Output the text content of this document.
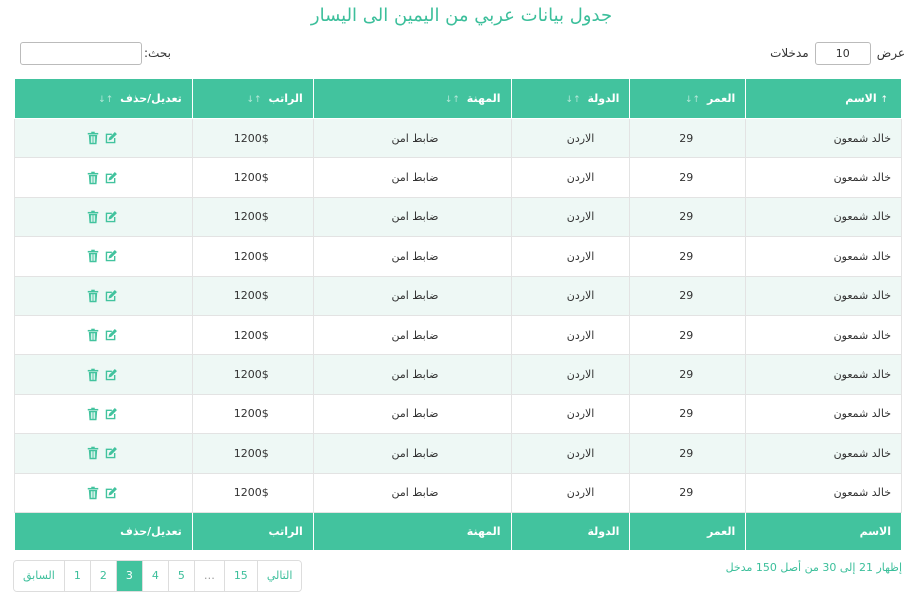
جدول بيانات عربي من اليمين الى اليسار
عرض
10
مدخلات
بحث:
↑ الاسم	العمر ↑↓	الدولة ↑↓	المهنة ↑↓	الراتب ↑↓	تعديل/حذف ↑↓
خالد شمعون	29	الاردن	ضابط امن	1200$	

خالد شمعون	29	الاردن	ضابط امن	1200$	

خالد شمعون	29	الاردن	ضابط امن	1200$	

خالد شمعون	29	الاردن	ضابط امن	1200$	

خالد شمعون	29	الاردن	ضابط امن	1200$	

خالد شمعون	29	الاردن	ضابط امن	1200$	

خالد شمعون	29	الاردن	ضابط امن	1200$	

خالد شمعون	29	الاردن	ضابط امن	1200$	

خالد شمعون	29	الاردن	ضابط امن	1200$	

خالد شمعون	29	الاردن	ضابط امن	1200$	

الاسم	العمر	الدولة	المهنة	الراتب	تعديل/حذف
إظهار 21 إلى 30 من أصل 150 مدخل
السابق	1	2	3	4	5	…	15	التالي
